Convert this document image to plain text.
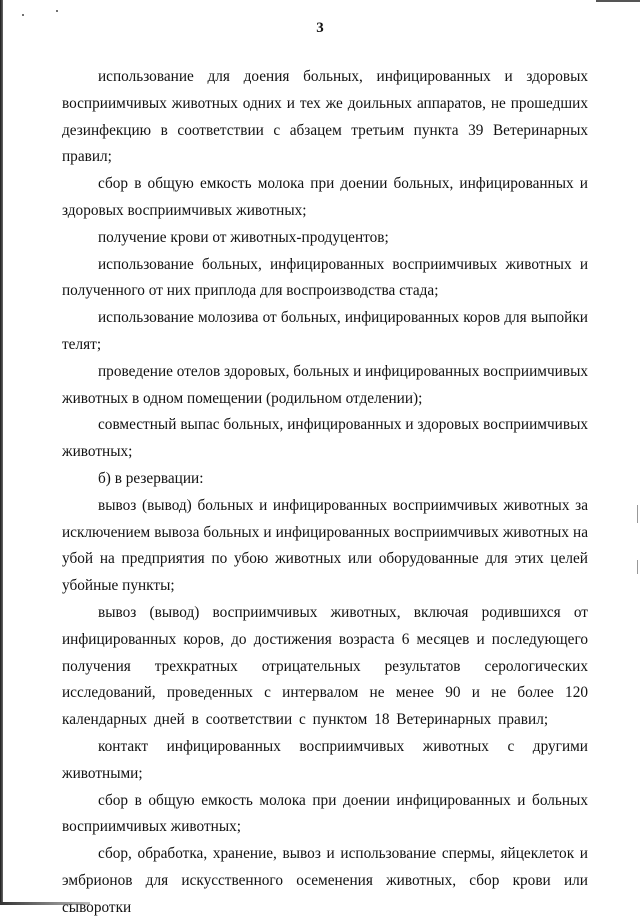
3

использование для доения больных, инфицированных и здоровых восприимчивых животных одних и тех же доильных аппаратов, не прошедших дезинфекцию в соответствии с абзацем третьим пункта 39 Ветеринарных правил;

сбор в общую емкость молока при доении больных, инфицированных и здоровых восприимчивых животных;

получение крови от животных-продуцентов;

использование больных, инфицированных восприимчивых животных и полученного от них приплода для воспроизводства стада;

использование молозива от больных, инфицированных коров для выпойки телят;

проведение отелов здоровых, больных и инфицированных восприимчивых животных в одном помещении (родильном отделении);

совместный выпас больных, инфицированных и здоровых восприимчивых животных;

б) в резервации:

вывоз (вывод) больных и инфицированных восприимчивых животных за исключением вывоза больных и инфицированных восприимчивых животных на убой на предприятия по убою животных или оборудованные для этих целей убойные пункты;

вывоз (вывод) восприимчивых животных, включая родившихся от инфицированных коров, до достижения возраста 6 месяцев и последующего получения трехкратных отрицательных результатов серологических исследований, проведенных с интервалом не менее 90 и не более 120 календарных дней в соответствии с пунктом 18 Ветеринарных правил;

контакт инфицированных восприимчивых животных с другими животными;

сбор в общую емкость молока при доении инфицированных и больных восприимчивых животных;

сбор, обработка, хранение, вывоз и использование спермы, яйцеклеток и эмбрионов для искусственного осеменения животных, сбор крови или сыворотки
